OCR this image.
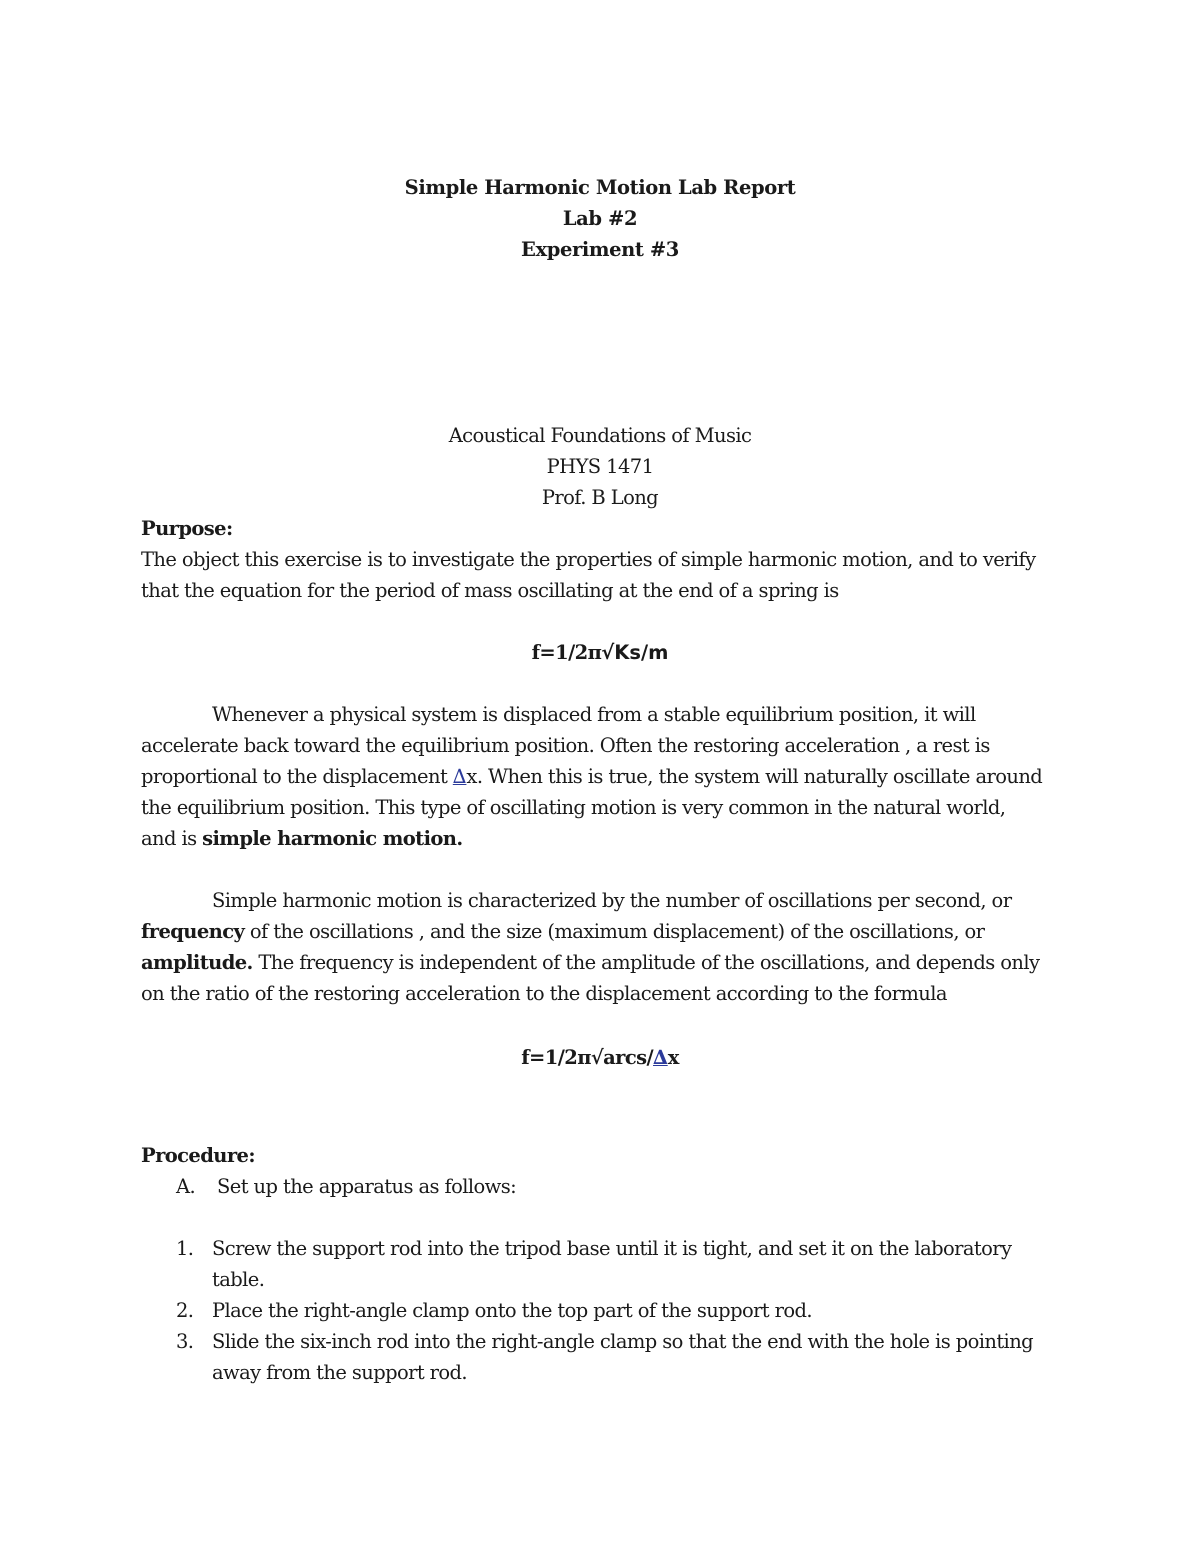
Simple Harmonic Motion Lab Report
Lab #2
Experiment #3
Acoustical Foundations of Music
PHYS 1471
Prof. B Long
Purpose:
The object this exercise is to investigate the properties of simple harmonic motion, and to verify
that the equation for the period of mass oscillating at the end of a spring is
f=1/2π√Ks/m
Whenever a physical system is displaced from a stable equilibrium position, it will
accelerate back toward the equilibrium position. Often the restoring acceleration , a rest is
proportional to the displacement ∆x. When this is true, the system will naturally oscillate around
the equilibrium position. This type of oscillating motion is very common in the natural world,
and is simple harmonic motion.
Simple harmonic motion is characterized by the number of oscillations per second, or
frequency of the oscillations , and the size (maximum displacement) of the oscillations, or
amplitude. The frequency is independent of the amplitude of the oscillations, and depends only
on the ratio of the restoring acceleration to the displacement according to the formula
f=1/2π√arcs/∆x
Procedure:
A. Set up the apparatus as follows:
1. Screw the support rod into the tripod base until it is tight, and set it on the laboratory
table.
2. Place the right-angle clamp onto the top part of the support rod.
3. Slide the six-inch rod into the right-angle clamp so that the end with the hole is pointing
away from the support rod.
